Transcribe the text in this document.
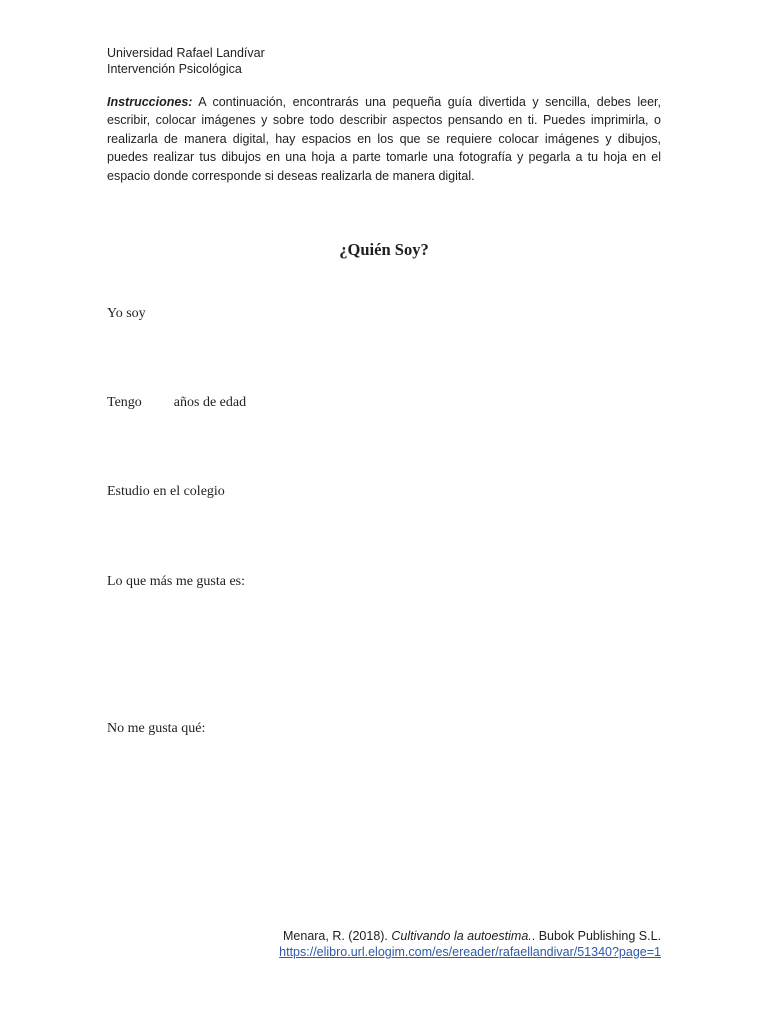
Universidad Rafael Landívar
Intervención Psicológica
Instrucciones: A continuación, encontrarás una pequeña guía divertida y sencilla, debes leer, escribir, colocar imágenes y sobre todo describir aspectos pensando en ti. Puedes imprimirla, o realizarla de manera digital, hay espacios en los que se requiere colocar imágenes y dibujos, puedes realizar tus dibujos en una hoja a parte tomarle una fotografía y pegarla a tu hoja en el espacio donde corresponde si deseas realizarla de manera digital.
¿Quién Soy?
Yo soy
Tengo años de edad
Estudio en el colegio
Lo que más me gusta es:
No me gusta qué:
Menara, R. (2018). Cultivando la autoestima.. Bubok Publishing S.L.
https://elibro.url.elogim.com/es/ereader/rafaellandivar/51340?page=1
